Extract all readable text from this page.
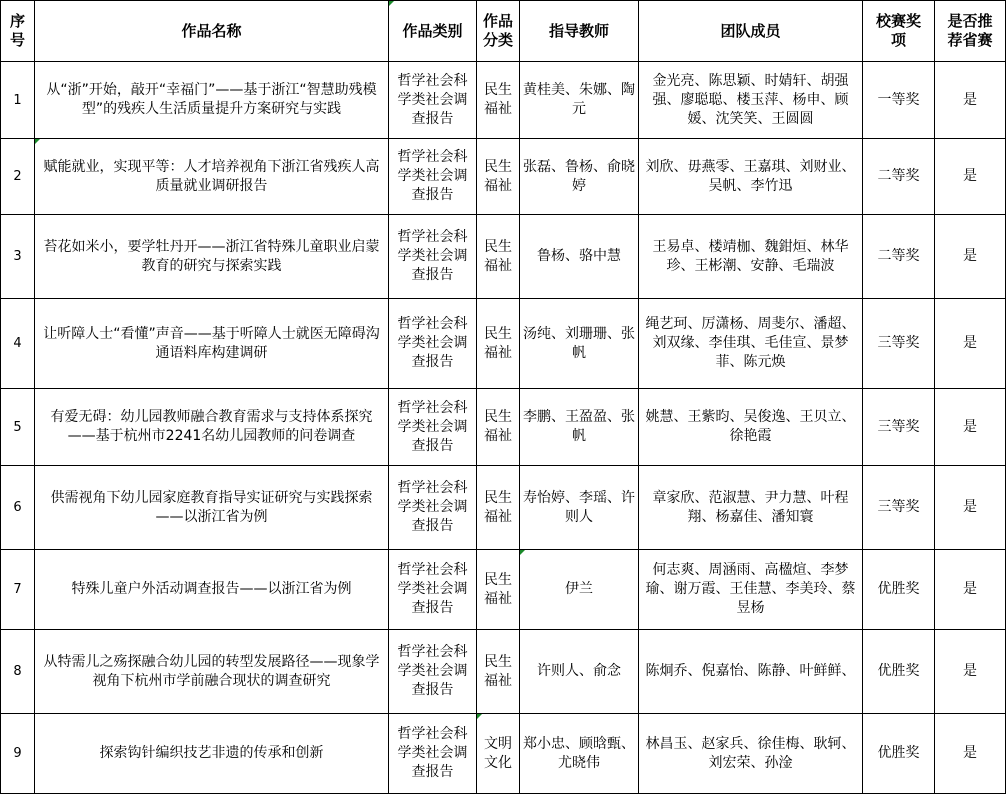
序号	作品名称	作品类别	作品分类	指导教师	团队成员	校赛奖项	是否推荐省赛
1	从“浙”开始，敲开“幸福门”——基于浙江“智慧助残模型”的残疾人生活质量提升方案研究与实践	哲学社会科学类社会调查报告	民生福祉	黄桂美、朱娜、陶元	金光亮、陈思颖、时婧轩、胡强强、廖聪聪、楼玉萍、杨申、顾媛、沈笑笑、王圆圆	一等奖	是
2	赋能就业，实现平等：人才培养视角下浙江省残疾人高质量就业调研报告	哲学社会科学类社会调查报告	民生福祉	张磊、鲁杨、俞晓婷	刘欣、毋燕零、王嘉琪、刘财业、吴帆、李竹迅	二等奖	是
3	苔花如米小，要学牡丹开——浙江省特殊儿童职业启蒙教育的研究与探索实践	哲学社会科学类社会调查报告	民生福祉	鲁杨、骆中慧	王易卓、楼靖枷、魏鉗烜、林华珍、王彬潮、安静、毛瑞波	二等奖	是
4	让听障人士“看懂”声音——基于听障人士就医无障碍沟通语料库构建调研	哲学社会科学类社会调查报告	民生福祉	汤纯、刘珊珊、张帆	绳艺珂、厉潇杨、周斐尔、潘超、刘双缘、李佳琪、毛佳宣、景梦菲、陈元焕	三等奖	是
5	有爱无碍：幼儿园教师融合教育需求与支持体系探究——基于杭州市2241名幼儿园教师的问卷调查	哲学社会科学类社会调查报告	民生福祉	李鹏、王盈盈、张帆	姚慧、王紫昀、吴俊逸、王贝立、徐艳霞	三等奖	是
6	供需视角下幼儿园家庭教育指导实证研究与实践探索——以浙江省为例	哲学社会科学类社会调查报告	民生福祉	寿怡婷、李瑶、许则人	章家欣、范淑慧、尹力慧、叶程翔、杨嘉佳、潘知寰	三等奖	是
7	特殊儿童户外活动调查报告——以浙江省为例	哲学社会科学类社会调查报告	民生福祉	伊兰	何志爽、周涵雨、高楹煊、李梦瑜、谢万霞、王佳慧、李美玲、蔡昱杨	优胜奖	是
8	从特需儿之殇探融合幼儿园的转型发展路径——现象学视角下杭州市学前融合现状的调查研究	哲学社会科学类社会调查报告	民生福祉	许则人、俞念	陈炯乔、倪嘉怡、陈静、叶鲜鲜、	优胜奖	是
9	探索钩针编织技艺非遗的传承和创新	哲学社会科学类社会调查报告	文明文化	郑小忠、顾晗甄、尤晓伟	林昌玉、赵家兵、徐佳梅、耿轲、刘宏荣、孙淦	优胜奖	是
